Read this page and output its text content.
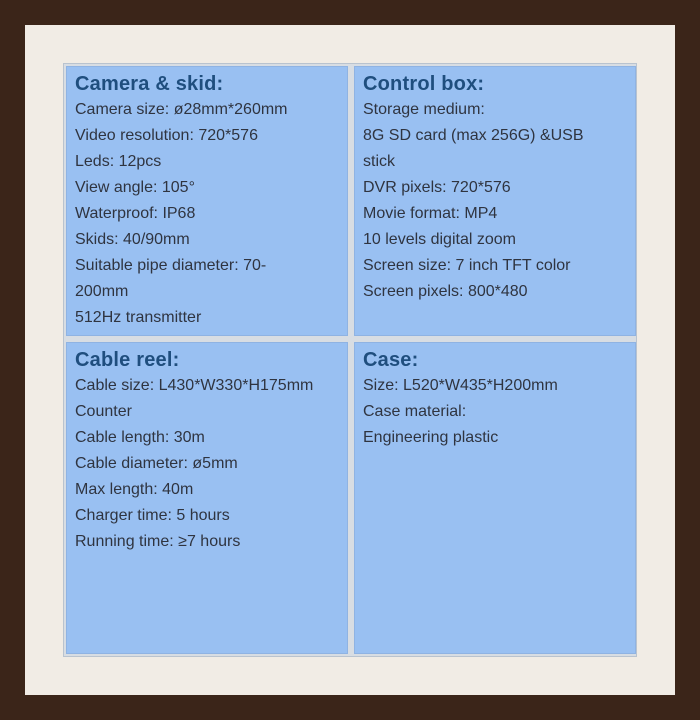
Camera & skid:
Camera size: ø28mm*260mm
Video resolution: 720*576
Leds: 12pcs
View angle: 105°
Waterproof: IP68
Skids: 40/90mm
Suitable pipe diameter: 70-
200mm
512Hz transmitter
Control box:
Storage medium:
8G SD card (max 256G) &USB
stick
DVR pixels: 720*576
Movie format: MP4
10 levels digital zoom
Screen size: 7 inch TFT color
Screen pixels: 800*480
Cable reel:
Cable size: L430*W330*H175mm
Counter
Cable length: 30m
Cable diameter: ø5mm
Max length: 40m
Charger time: 5 hours
Running time: ≥7 hours
Case:
Size: L520*W435*H200mm
Case material:
Engineering plastic
